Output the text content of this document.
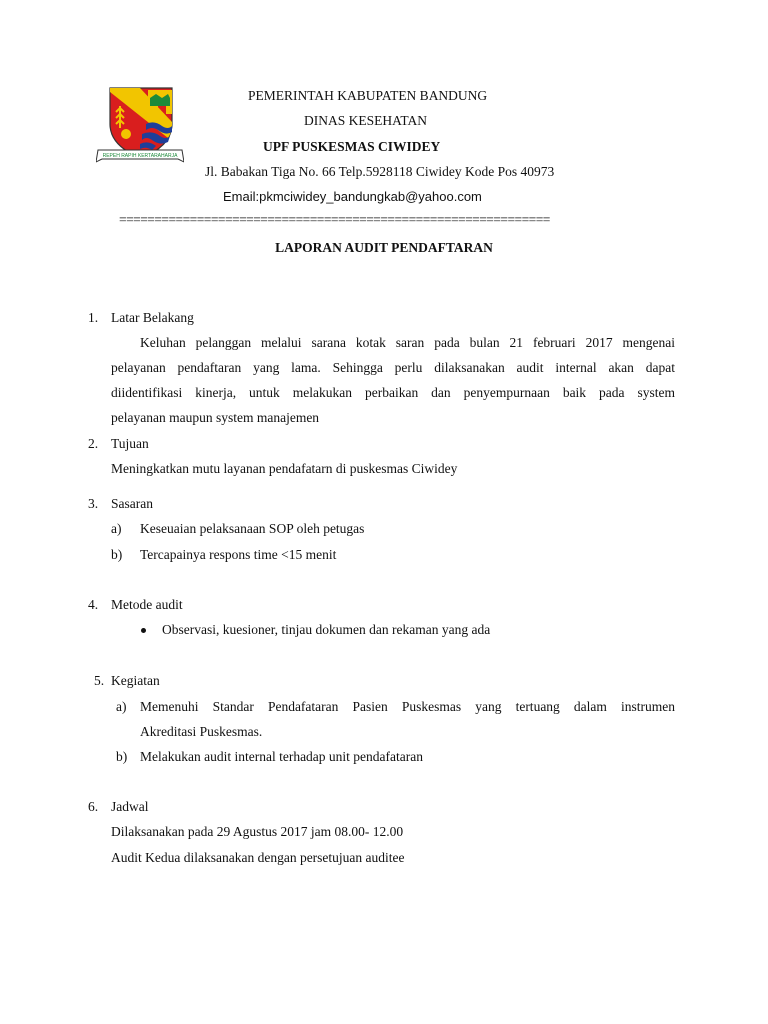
REPEH RAPIH KERTARAHARJA
PEMERINTAH KABUPATEN BANDUNG
DINAS KESEHATAN
UPF PUSKESMAS CIWIDEY
Jl. Babakan Tiga No. 66 Telp.5928118 Ciwidey Kode Pos 40973
Email:pkmciwidey_bandungkab@yahoo.com
=============================================================
LAPORAN AUDIT PENDAFTARAN
1. Latar Belakang
Keluhan pelanggan melalui sarana kotak saran pada bulan 21 februari 2017 mengenai
pelayanan pendaftaran yang lama. Sehingga perlu dilaksanakan audit internal akan dapat
diidentifikasi kinerja, untuk melakukan perbaikan dan penyempurnaan baik pada system
pelayanan maupun system manajemen
2. Tujuan
Meningkatkan mutu layanan pendafatarn di puskesmas Ciwidey
3. Sasaran
a) Keseuaian pelaksanaan SOP oleh petugas
b) Tercapainya respons time <15 menit
4. Metode audit
Observasi, kuesioner, tinjau dokumen dan rekaman yang ada
5. Kegiatan
a) Memenuhi Standar Pendafataran Pasien Puskesmas yang tertuang dalam instrumen
Akreditasi Puskesmas.
b) Melakukan audit internal terhadap unit pendafataran
6. Jadwal
Dilaksanakan pada 29 Agustus 2017 jam 08.00- 12.00
Audit Kedua dilaksanakan dengan persetujuan auditee
